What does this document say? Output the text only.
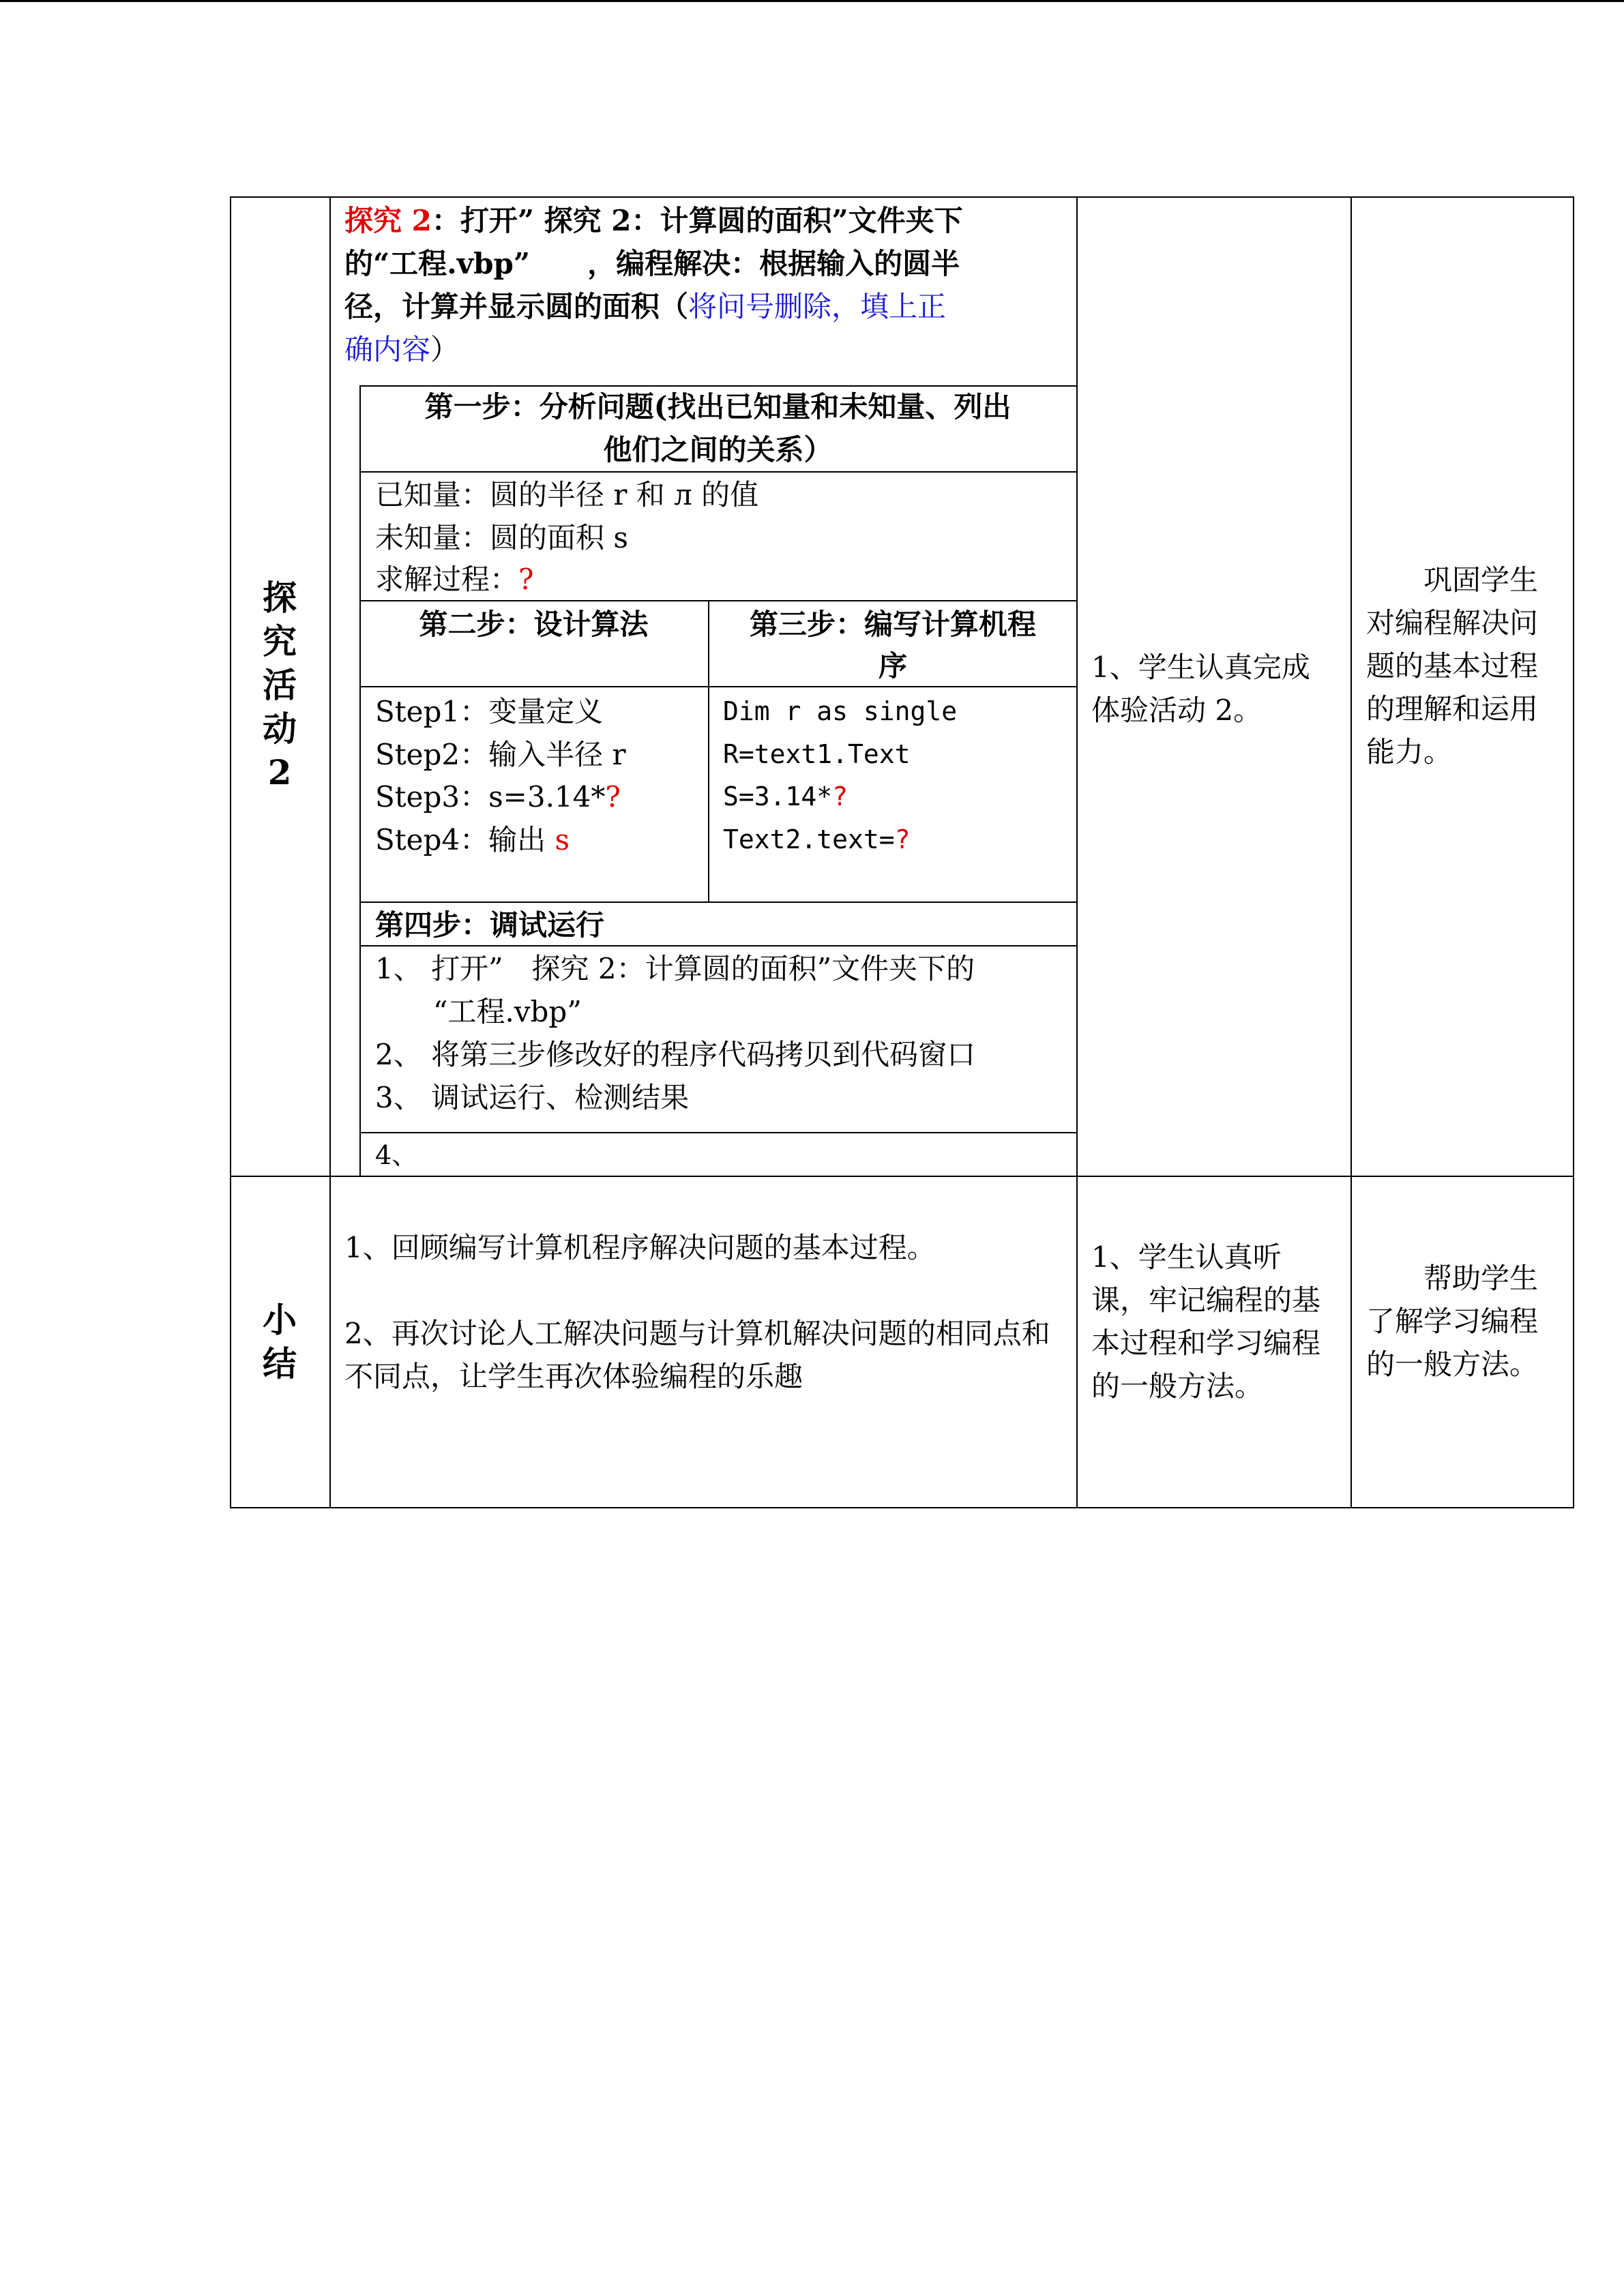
探究活动2
探究 2：打开” 探究 2：计算圆的面积”文件夹下
的“工程.vbp”　　，编程解决：根据输入的圆半
径，计算并显示圆的面积（将问号删除，填上正
确内容）
第一步：分析问题(找出已知量和未知量、列出
他们之间的关系）
已知量：圆的半径 r 和 л 的值
未知量：圆的面积 s
求解过程：?
第二步：设计算法
Step1：变量定义
Step2：输入半径 r
Step3：s=3.14*?
Step4：输出 s
第三步：编写计算机程
序
Dim r as single
R=text1.Text
S=3.14*?
Text2.text=?
第四步：调试运行
1、 打开”　探究 2：计算圆的面积”文件夹下的
“工程.vbp”
2、 将第三步修改好的程序代码拷贝到代码窗口
3、 调试运行、检测结果
4、
1、学生认真完成体验活动 2。
　　巩固学生对编程解决问题的基本过程的理解和运用能力。
小结
1、回顾编写计算机程序解决问题的基本过程。
2、再次讨论人工解决问题与计算机解决问题的相同点和不同点，让学生再次体验编程的乐趣
1、学生认真听课，牢记编程的基本过程和学习编程的一般方法。
　　帮助学生了解学习编程的一般方法。
